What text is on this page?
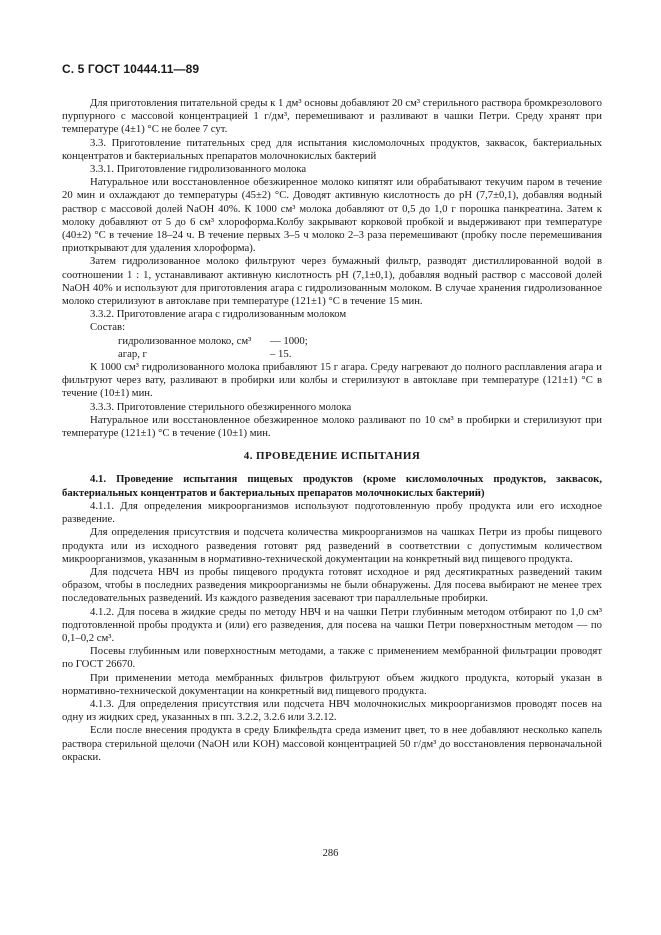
С. 5 ГОСТ 10444.11—89

Для приготовления питательной среды к 1 дм³ основы добавляют 20 см³ стерильного раствора бромкрезолового пурпурного с массовой концентрацией 1 г/дм³, перемешивают и разливают в чашки Петри. Среду хранят при температуре (4±1) °С не более 7 сут.

3.3. Приготовление питательных сред для испытания кисломолочных продуктов, заквасок, бактериальных концентратов и бактериальных препаратов молочнокислых бактерий

3.3.1. Приготовление гидролизованного молока

Натуральное или восстановленное обезжиренное молоко кипятят или обрабатывают текучим паром в течение 20 мин и охлаждают до температуры (45±2) °С. Доводят активную кислотность до pH (7,7±0,1), добавляя водный раствор с массовой долей NaOH 40%. К 1000 см³ молока добавляют от 0,5 до 1,0 г порошка панкреатина. Затем к молоку добавляют от 5 до 6 см³ хлороформа.Колбу закрывают корковой пробкой и выдерживают при температуре (40±2) °С в течение 18–24 ч. В течение первых 3–5 ч молоко 2–3 раза перемешивают (пробку после перемешивания приоткрывают для удаления хлороформа).

Затем гидролизованное молоко фильтруют через бумажный фильтр, разводят дистиллированной водой в соотношении 1 : 1, устанавливают активную кислотность pH (7,1±0,1), добавляя водный раствор с массовой долей NaOH 40% и используют для приготовления агара с гидролизованным молоком. В случае хранения гидролизованное молоко стерилизуют в автоклаве при температуре (121±1) °С в течение 15 мин.

3.3.2. Приготовление агара с гидролизованным молоком

Состав:

гидролизованное молоко, см³ — 1000;

агар, г	– 15.

К 1000 см³ гидролизованного молока прибавляют 15 г агара. Среду нагревают до полного расплавления агара и фильтруют через вату, разливают в пробирки или колбы и стерилизуют в автоклаве при температуре (121±1) °С в течение (10±1) мин.

3.3.3. Приготовление стерильного обезжиренного молока

Натуральное или восстановленное обезжиренное молоко разливают по 10 см³ в пробирки и стерилизуют при температуре (121±1) °С в течение (10±1) мин.

4. ПРОВЕДЕНИЕ ИСПЫТАНИЯ

4.1. Проведение испытания пищевых продуктов (кроме кисломолочных продуктов, заквасок, бактериальных концентратов и бактериальных препаратов молочнокислых бактерий)

4.1.1. Для определения микроорганизмов используют подготовленную пробу продукта или его исходное разведение.

Для определения присутствия и подсчета количества микроорганизмов на чашках Петри из пробы пищевого продукта или из исходного разведения готовят ряд разведений в соответствии с допустимым количеством микроорганизмов, указанным в нормативно-технической документации на конкретный вид пищевого продукта.

Для подсчета НВЧ из пробы пищевого продукта готовят исходное и ряд десятикратных разведений таким образом, чтобы в последних разведения микроорганизмы не были обнаружены. Для посева выбирают не менее трех последовательных разведений. Из каждого разведения засевают три параллельные пробирки.

4.1.2. Для посева в жидкие среды по методу НВЧ и на чашки Петри глубинным методом отбирают по 1,0 см³ подготовленной пробы продукта и (или) его разведения, для посева на чашки Петри поверхностным методом — по 0,1–0,2 см³.

Посевы глубинным или поверхностным методами, а также с применением мембранной фильтрации проводят по ГОСТ 26670.

При применении метода мембранных фильтров фильтруют объем жидкого продукта, который указан в нормативно-технической документации на конкретный вид пищевого продукта.

4.1.3. Для определения присутствия или подсчета НВЧ молочнокислых микроорганизмов проводят посев на одну из жидких сред, указанных в пп. 3.2.2, 3.2.6 или 3.2.12.

Если после внесения продукта в среду Бликфельдта среда изменит цвет, то в нее добавляют несколько капель раствора стерильной щелочи (NaOH или KOH) массовой концентрацией 50 г/дм³ до восстановления первоначальной окраски.

286
